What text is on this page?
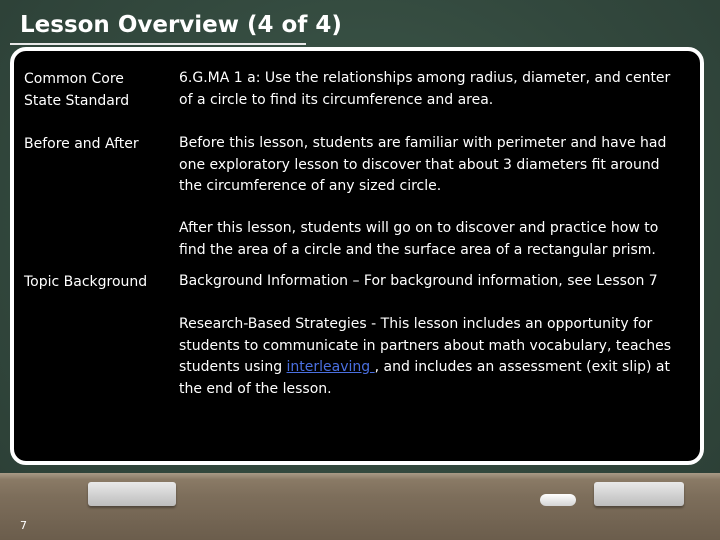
Lesson Overview (4 of 4)
Common Core
State Standard
6.G.MA 1 a: Use the relationships among radius, diameter, and center
of a circle to find its circumference and area.
Before and After	Before this lesson, students are familiar with perimeter and have had
one exploratory lesson to discover that about 3 diameters fit around
the circumference of any sized circle.
After this lesson, students will go on to discover and practice how to
find the area of a circle and the surface area of a rectangular prism.
Topic Background Background Information – For background information, see Lesson 7
Research-Based Strategies - This lesson includes an opportunity for
students to communicate in partners about math vocabulary, teaches
students using interleaving , and includes an assessment (exit slip) at
the end of the lesson.
7
